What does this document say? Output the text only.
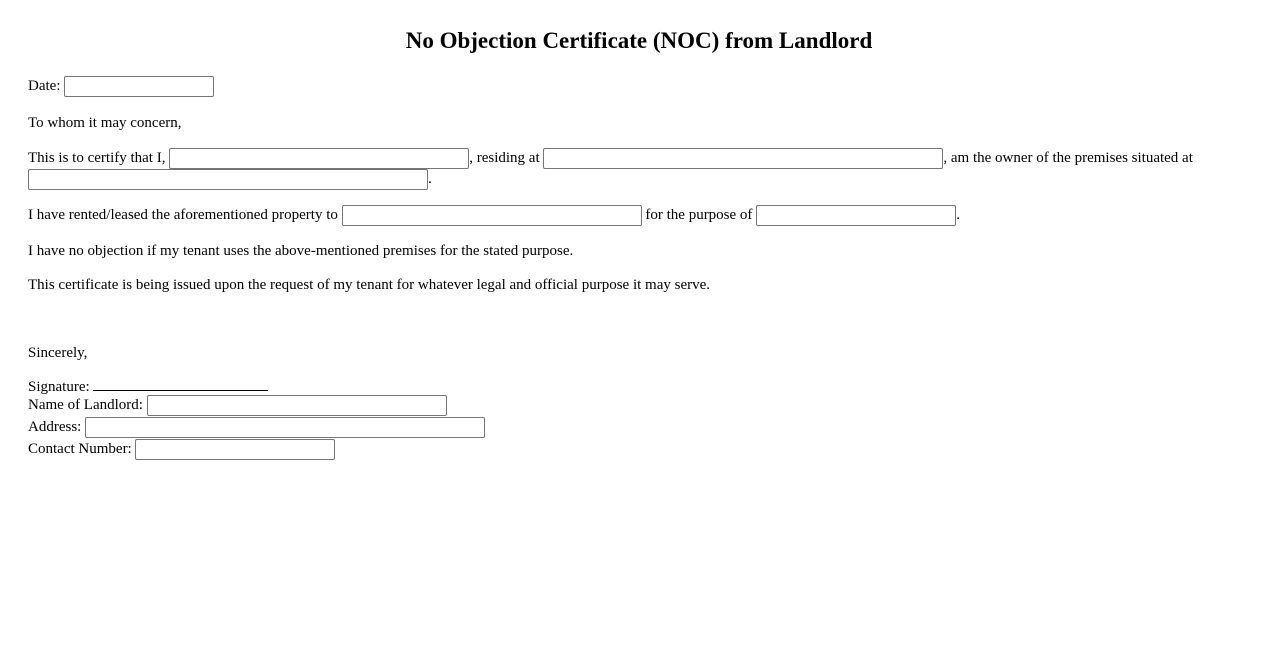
No Objection Certificate (NOC) from Landlord
Date:
To whom it may concern,
This is to certify that I,	, residing at	, am the owner of the premises situated at
.
I have rented/leased the aforementioned property to	for the purpose of	.
I have no objection if my tenant uses the above-mentioned premises for the stated purpose.
This certificate is being issued upon the request of my tenant for whatever legal and official purpose it may serve.
Sincerely,
Signature:
Name of Landlord:
Address:
Contact Number:
